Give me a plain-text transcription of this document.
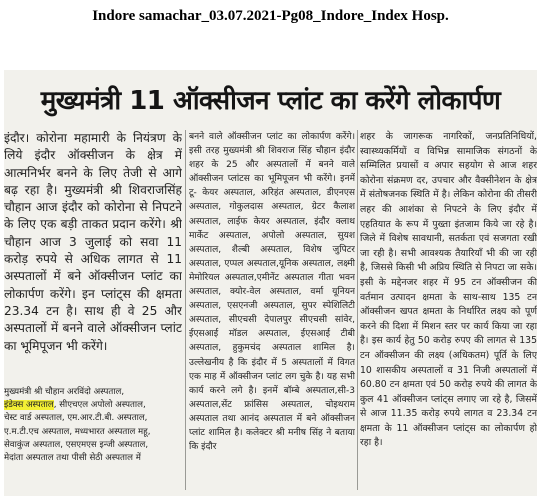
Indore samachar_03.07.2021-Pg08_Indore_Index Hosp.
मुख्यमंत्री 11 ऑक्सीजन प्लांट का करेंगे लोकार्पण

इंदौर। कोरोना महामारी के नियंत्रण के लिये इंदौर ऑक्सीजन के क्षेत्र में आत्मनिर्भर बनने के लिए तेजी से आगे बढ़ रहा है। मुख्यमंत्री श्री शिवराजसिंह चौहान आज इंदौर को कोरोना से निपटने के लिए एक बड़ी ताकत प्रदान करेंगे। श्री चौहान आज 3 जुलाई को सवा 11 करोड़ रुपये से अधिक लागत से 11 अस्पतालों में बने ऑक्सीजन प्लांट का लोकार्पण करेंगे। इन प्लांट्स की क्षमता 23.34 टन है। साथ ही वे 25 और अस्पतालों में बनने वाले ऑक्सीजन प्लांट का भूमिपूजन भी करेंगे।

मुख्यमंत्री श्री चौहान अरविंदो अस्पताल,
इंडेक्स अस्पताल, सीएचएल अपोलो अस्पताल,
चेस्ट वार्ड अस्पताल, एम.आर.टी.बी. अस्पताल,
ए.म.टी.एच अस्पताल, मध्यभारत अस्पताल महू,
सेवाकुंज अस्पताल, एसएमएस इन्जी अस्पताल,
मेदांता अस्पताल तथा पीसी सेठी अस्पताल में

बनने वाले ऑक्सीजन प्लांट का लोकार्पण करेंगे। इसी तरह मुख्यमंत्री श्री शिवराज सिंह चौहान इंदौर शहर के 25 और अस्पतालों में बनने वाले ऑक्सीजन प्लांटस का भूमिपूजन भी करेंगे। इनमें टू- केयर अस्पताल, अरिहंत अस्पताल, डीएनएस अस्पताल, गोकुलदास अस्पताल, ग्रेटर कैलाश अस्पताल, लाईफ केयर अस्पताल, इंदौर क्लाथ मार्केट अस्पताल, अपोलो अस्पताल, सुयश अस्पताल, शैल्बी अस्पताल, विशेष जुपिटर अस्पताल, एप्पल अस्पताल,यूनिक अस्पताल, लक्ष्मी मेमोरियल अस्पताल,एमीनेंट अस्पताल गीता भवन अस्पताल, क्योर-वेल अस्पताल, वर्मा यूनियन अस्पताल, एसएनजी अस्पताल, सुपर स्पेशिलिटी अस्पताल, सीएचसी देपालपुर सीएचसी सांवेर, ईएसआई मॉडल अस्पताल, ईएसआई टीबी अस्पताल, हुकुमचंद अस्पताल शामिल है। उल्लेखनीय है कि इंदौर में 5 अस्पतालों में विगत एक माह में ऑक्सीजन प्लांट लग चुके है। यह सभी कार्य करने लगे है। इनमें बॉम्बे अस्पताल,सी-3 अस्पताल,सेंट फ्रांसिस अस्पताल, चोइथराम अस्पताल तथा आनंद अस्पताल में बने ऑक्सीजन प्लांट शामिल है। कलेक्टर श्री मनीष सिंह ने बताया कि इंदौर

शहर के जागरूक नागरिकों, जनप्रतिनिधियों, स्वास्थ्यकर्मियों व विभिन्न सामाजिक संगठनों के सम्मिलित प्रयासों व अपार सहयोग से आज शहर कोरोना संक्रमण दर, उपचार और वैक्सीनेशन के क्षेत्र में संतोषजनक स्थिति में है। लेकिन कोरोना की तीसरी लहर की आशंका से निपटने के लिए इंदौर में एहतियात के रूप में पुख्ता इंतजाम किये जा रहे है। जिले में विशेष सावधानी, सतर्कता एवं सजगता रखी जा रही है। सभी आवश्यक तैयारियाँ भी की जा रही है, जिससे किसी भी अप्रिय स्थिति से निपटा जा सके। इसी के मद्देनजर शहर में 95 टन ऑक्सीजन की वर्तमान उत्पादन क्षमता के साथ-साथ 135 टन ऑक्सीजन खपत क्षमता के निर्धारित लक्ष्य को पूर्ण करने की दिशा में मिशन स्तर पर कार्य किया जा रहा है। इस कार्य हेतु 50 करोड़ रुपए की लागत से 135 टन ऑक्सीजन की लक्ष्य (अधिकतम) पूर्ति के लिए 10 शासकीय अस्पतालों व 31 निजी अस्पतालों में 60.80 टन क्षमता एवं 50 करोड़ रुपये की लागत के कुल 41 ऑक्सीजन प्लांट्स लगाए जा रहे है, जिसमें से आज 11.35 करोड़ रुपये लागत व 23.34 टन क्षमता के 11 ऑक्सीजन प्लांट्स का लोकार्पण हो रहा है।
